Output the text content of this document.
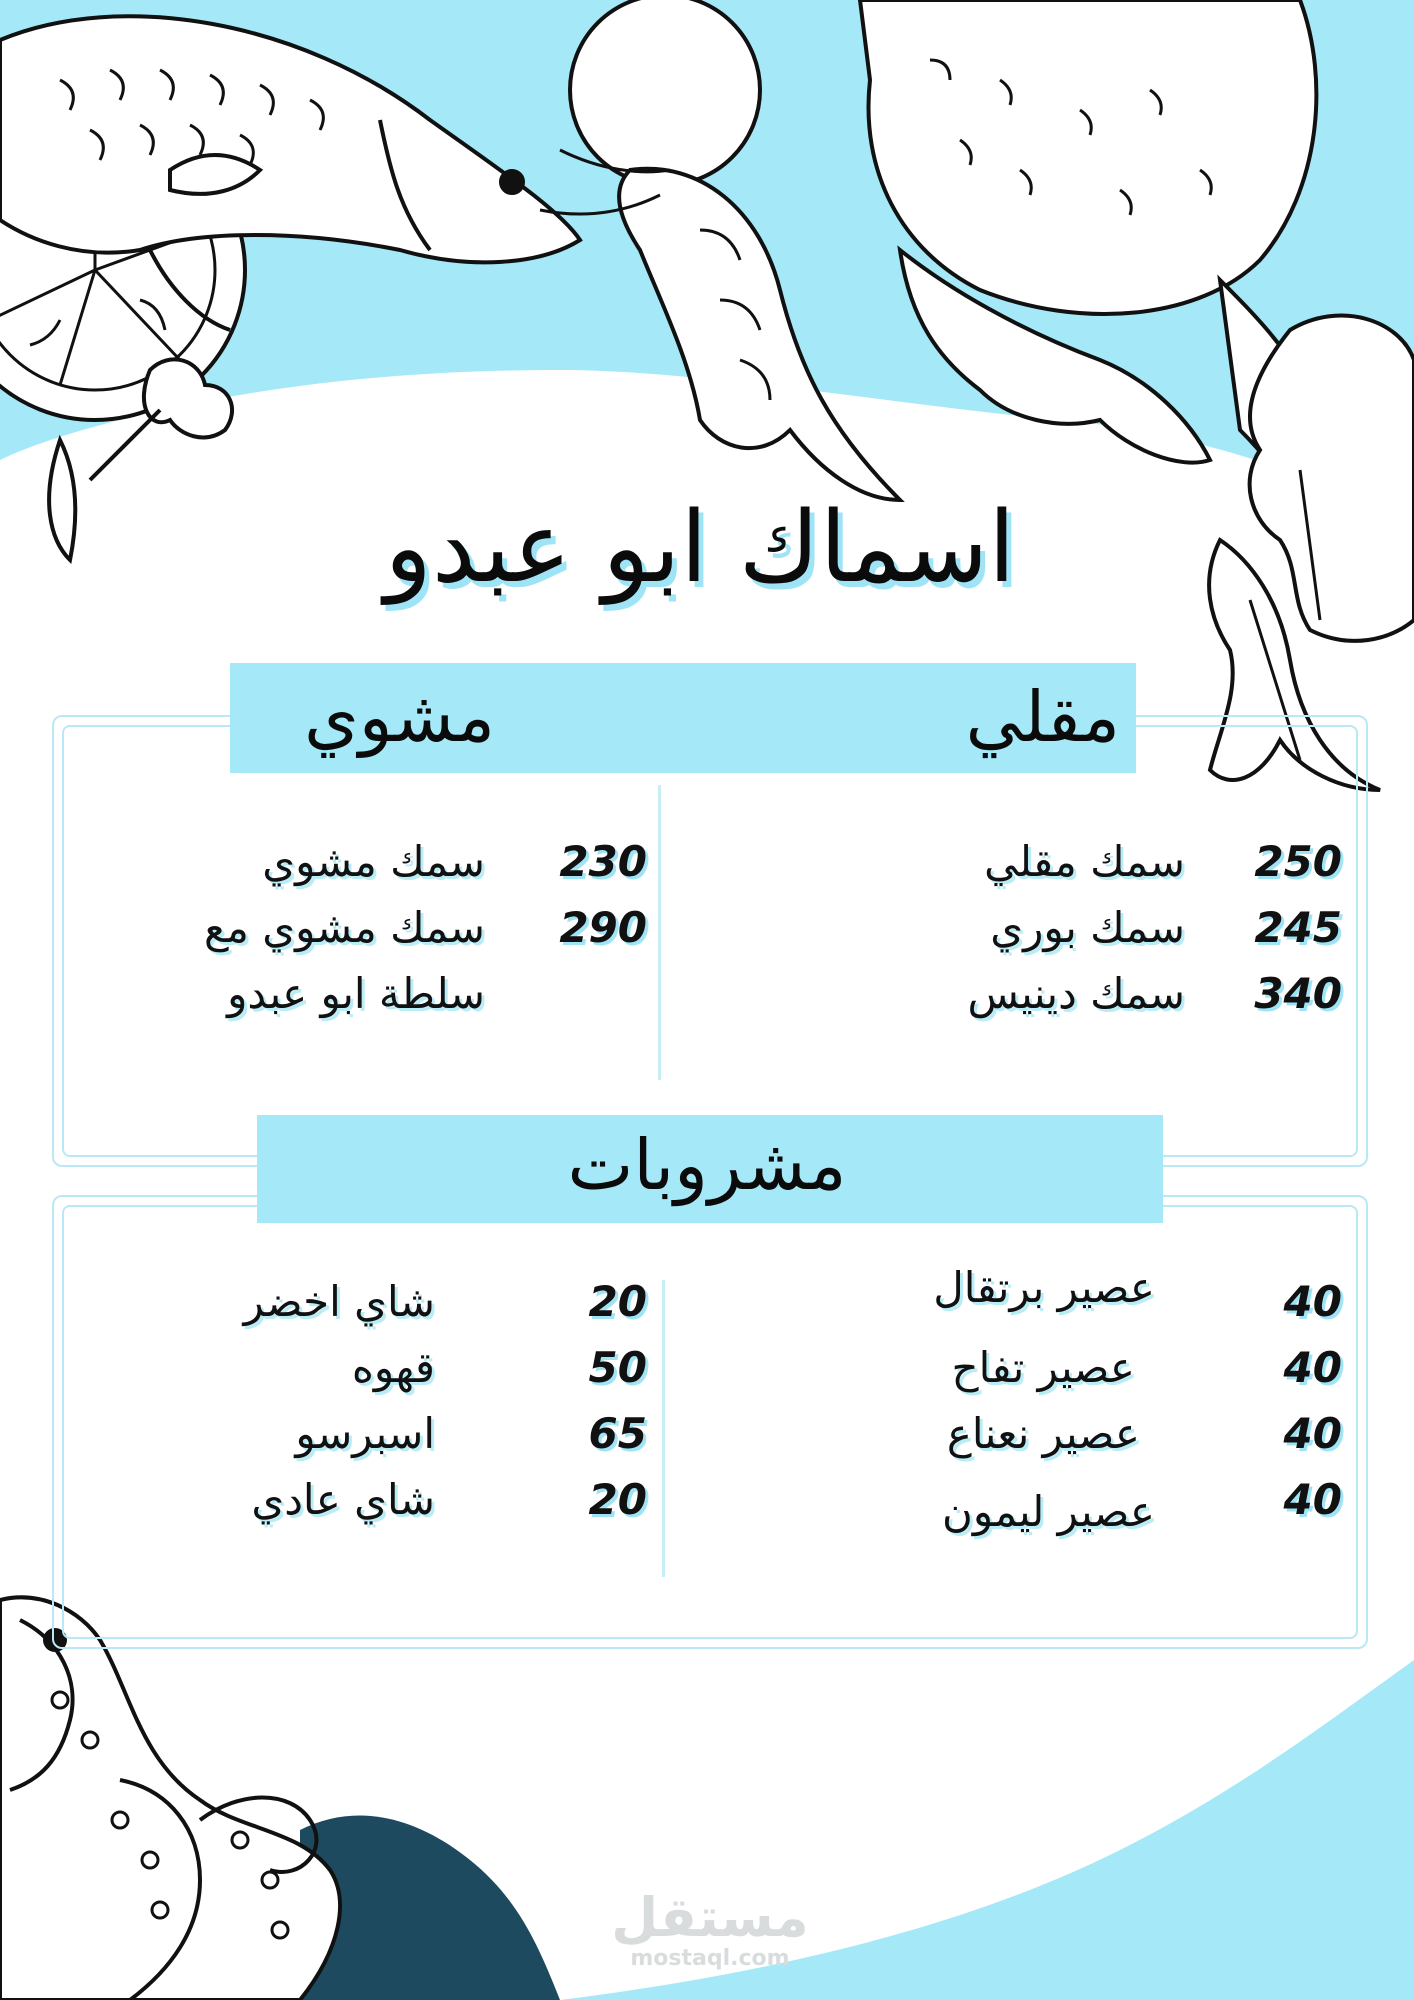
اسماك ابو عبدو
مقلي
مشوي
250
سمك مقلي
245
سمك بوري
340
سمك دينيس
230
سمك مشوي
290
سمك مشوي مع
سلطة ابو عبدو
مشروبات
40
عصير برتقال
40
عصير تفاح
40
عصير نعناع
40
عصير ليمون
20
شاي اخضر
50
قهوه
65
اسبرسو
20
شاي عادي
مستقل
mostaql.com
